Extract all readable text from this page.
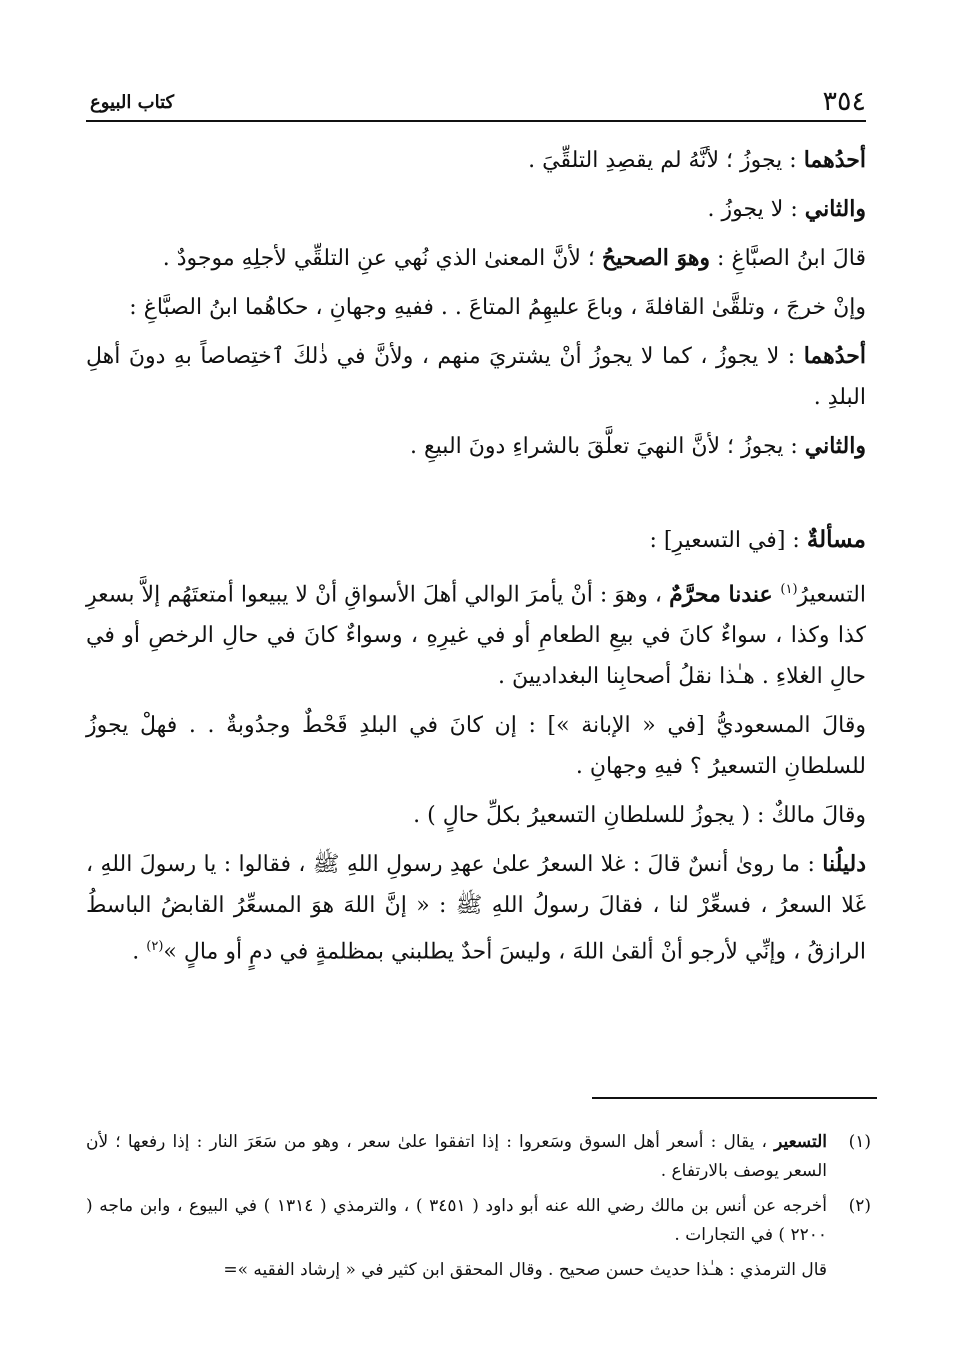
٣٥٤
كتاب البيوع

أحدُهما : يجوزُ ؛ لأنَّهُ لم يقصِدِ التلقِّيَ .

والثاني : لا يجوزُ .

قالَ ابنُ الصبَّاغِ : وهوَ الصحيحُ ؛ لأنَّ المعنىٰ الذي نُهي عنِ التلقِّي لأجلِهِ موجودٌ .

وإنْ خرجَ ، وتلقَّىٰ القافلةَ ، وباعَ عليهِمُ المتاعَ . . ففيهِ وجهانِ ، حكاهُما ابنُ الصبَّاغِ :

أحدُهما : لا يجوزُ ، كما لا يجوزُ أنْ يشتريَ منهم ، ولأنَّ في ذٰلكَ ٱختِصاصاً بهِ دونَ أهلِ البلدِ .

والثاني : يجوزُ ؛ لأنَّ النهيَ تعلَّقَ بالشراءِ دونَ البيعِ .

مسألةٌ : [في التسعيرِ] :

التسعيرُ$^{(١)}$ عندنا محرَّمٌ ، وهوَ : أنْ يأمرَ الوالي أهلَ الأسواقِ أنْ لا يبيعوا أمتعتَهُم إلاَّ بسعرِ كذا وكذا ، سواءٌ كانَ في بيعِ الطعامِ أو في غيرِهِ ، وسواءٌ كانَ في حالِ الرخصِ أو في حالِ الغلاءِ . هـٰذا نقلُ أصحابِنا البغداديينَ .

وقالَ المسعوديُّ [في « الإبانة »] : إن كانَ في البلدِ قَحْطٌ وجدُوبةٌ . . فهلْ يجوزُ للسلطانِ التسعيرُ ؟ فيهِ وجهانِ .

وقالَ مالكٌ : ( يجوزُ للسلطانِ التسعيرُ بكلِّ حالٍ ) .

دليلُنا : ما روىٰ أنسٌ قالَ : غلا السعرُ علىٰ عهدِ رسولِ اللهِ ﷺ ، فقالوا : يا رسولَ اللهِ ، غَلا السعرُ ، فسعِّرْ لنا ، فقالَ رسولُ اللهِ ﷺ : « إنَّ اللهَ هوَ المسعِّرُ القابضُ الباسطُ الرازقُ ، وإنِّي لأرجو أنْ ألقىٰ اللهَ ، وليسَ أحدٌ يطلبني بمظلمةٍ في دمٍ أو مالٍ »$^{(٢)}$ .

(١)
التسعير ، يقال : أسعر أهل السوق وسَعروا : إذا اتفقوا علىٰ سعر ، وهو من سَعَرَ النار : إذا رفعها ؛ لأن السعر يوصف بالارتفاع .
(٢)
أخرجه عن أنس بن مالك رضي الله عنه أبو داود ( ٣٤٥١ ) ، والترمذي ( ١٣١٤ ) في البيوع ، وابن ماجه ( ٢٢٠٠ ) في التجارات .
قال الترمذي : هـٰذا حديث حسن صحيح . وقال المحقق ابن كثير في « إرشاد الفقيه »=
